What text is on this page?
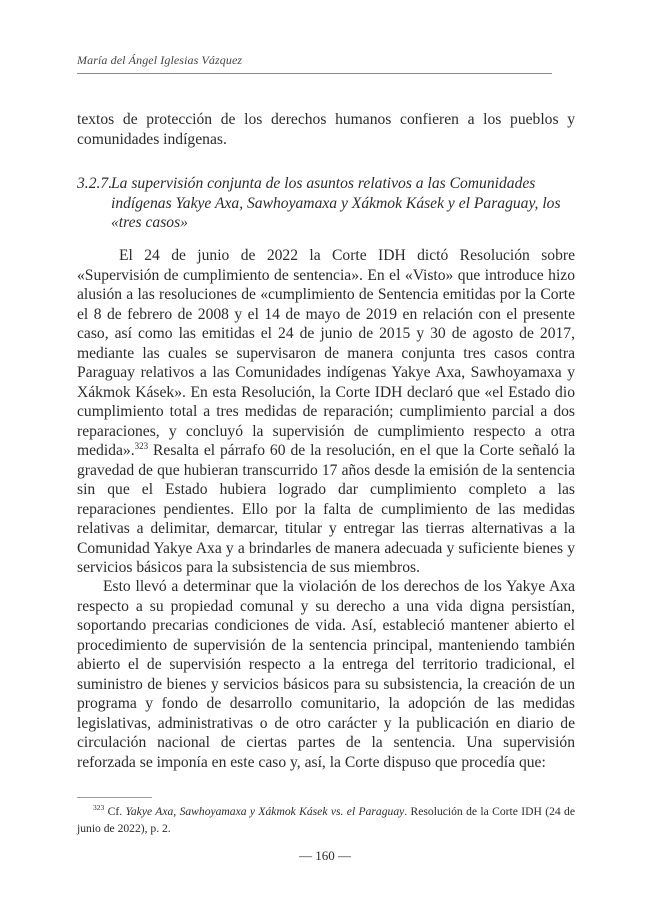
María del Ángel Iglesias Vázquez

textos de protección de los derechos humanos confieren a los pueblos y comunidades indígenas.

3.2.7.
La supervisión conjunta de los asuntos relativos a las Comunidades indígenas Yakye Axa, Sawhoyamaxa y Xákmok Kásek y el Paraguay, los «tres casos»

El 24 de junio de 2022 la Corte IDH dictó Resolución sobre «Supervisión de cumplimiento de sentencia». En el «Visto» que introduce hizo alusión a las resoluciones de «cumplimiento de Sentencia emitidas por la Corte el 8 de febrero de 2008 y el 14 de mayo de 2019 en relación con el presente caso, así como las emitidas el 24 de junio de 2015 y 30 de agosto de 2017, mediante las cuales se supervisaron de manera conjunta tres casos contra Paraguay relativos a las Comunidades indígenas Yakye Axa, Sawhoyamaxa y Xákmok Kásek». En esta Resolución, la Corte IDH declaró que «el Estado dio cumplimiento total a tres medidas de reparación; cumplimiento parcial a dos reparaciones, y concluyó la supervisión de cumplimiento respecto a otra medida».$^{323}$ Resalta el párrafo 60 de la resolución, en el que la Corte señaló la gravedad de que hubieran transcurrido 17 años desde la emisión de la sentencia sin que el Estado hubiera logrado dar cumplimiento completo a las reparaciones pendientes. Ello por la falta de cumplimiento de las medidas relativas a delimitar, demarcar, titular y entregar las tierras alternativas a la Comunidad Yakye Axa y a brindarles de manera adecuada y suficiente bienes y servicios básicos para la subsistencia de sus miembros.

Esto llevó a determinar que la violación de los derechos de los Yakye Axa respecto a su propiedad comunal y su derecho a una vida digna persistían, soportando precarias condiciones de vida. Así, estableció mantener abierto el procedimiento de supervisión de la sentencia principal, manteniendo también abierto el de supervisión respecto a la entrega del territorio tradicional, el suministro de bienes y servicios básicos para su subsistencia, la creación de un programa y fondo de desarrollo comunitario, la adopción de las medidas legislativas, administrativas o de otro carácter y la publicación en diario de circulación nacional de ciertas partes de la sentencia. Una supervisión reforzada se imponía en este caso y, así, la Corte dispuso que procedía que:

$^{323}$ Cf. Yakye Axa, Sawhoyamaxa y Xákmok Kásek vs. el Paraguay. Resolución de la Corte IDH (24 de junio de 2022), p. 2.

— 160 —
